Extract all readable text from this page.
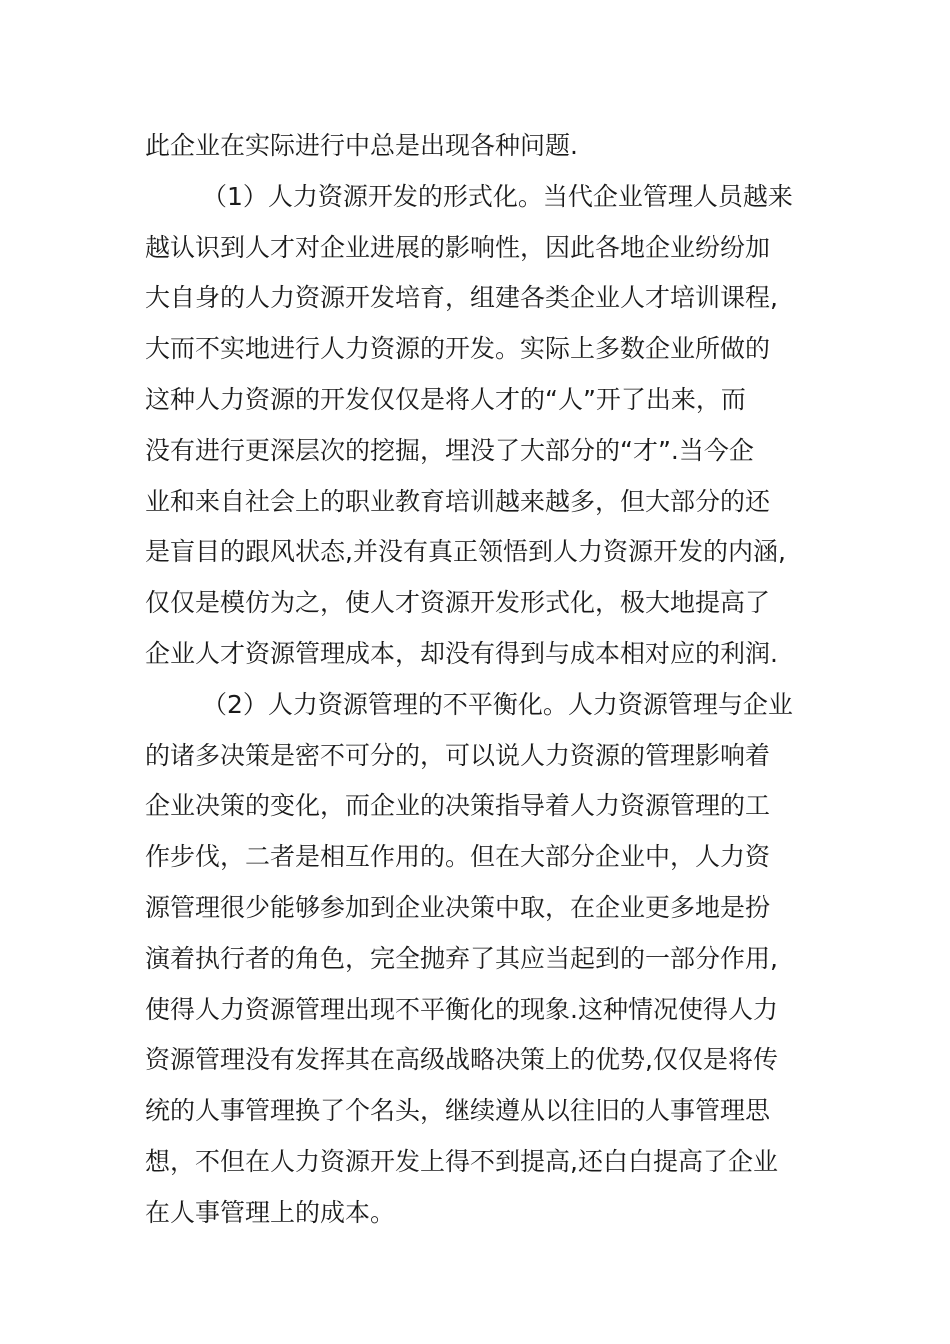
此企业在实际进行中总是出现各种问题.
（1）人力资源开发的形式化。当代企业管理人员越来
越认识到人才对企业进展的影响性，因此各地企业纷纷加
大自身的人力资源开发培育，组建各类企业人才培训课程,
大而不实地进行人力资源的开发。实际上多数企业所做的
这种人力资源的开发仅仅是将人才的“人”开了出来，而
没有进行更深层次的挖掘，埋没了大部分的“才”.当今企
业和来自社会上的职业教育培训越来越多，但大部分的还
是盲目的跟风状态,并没有真正领悟到人力资源开发的内涵,
仅仅是模仿为之，使人才资源开发形式化，极大地提高了
企业人才资源管理成本，却没有得到与成本相对应的利润.
（2）人力资源管理的不平衡化。人力资源管理与企业
的诸多决策是密不可分的，可以说人力资源的管理影响着
企业决策的变化，而企业的决策指导着人力资源管理的工
作步伐，二者是相互作用的。但在大部分企业中，人力资
源管理很少能够参加到企业决策中取，在企业更多地是扮
演着执行者的角色，完全抛弃了其应当起到的一部分作用,
使得人力资源管理出现不平衡化的现象.这种情况使得人力
资源管理没有发挥其在高级战略决策上的优势,仅仅是将传
统的人事管理换了个名头，继续遵从以往旧的人事管理思
想，不但在人力资源开发上得不到提高,还白白提高了企业
在人事管理上的成本。
